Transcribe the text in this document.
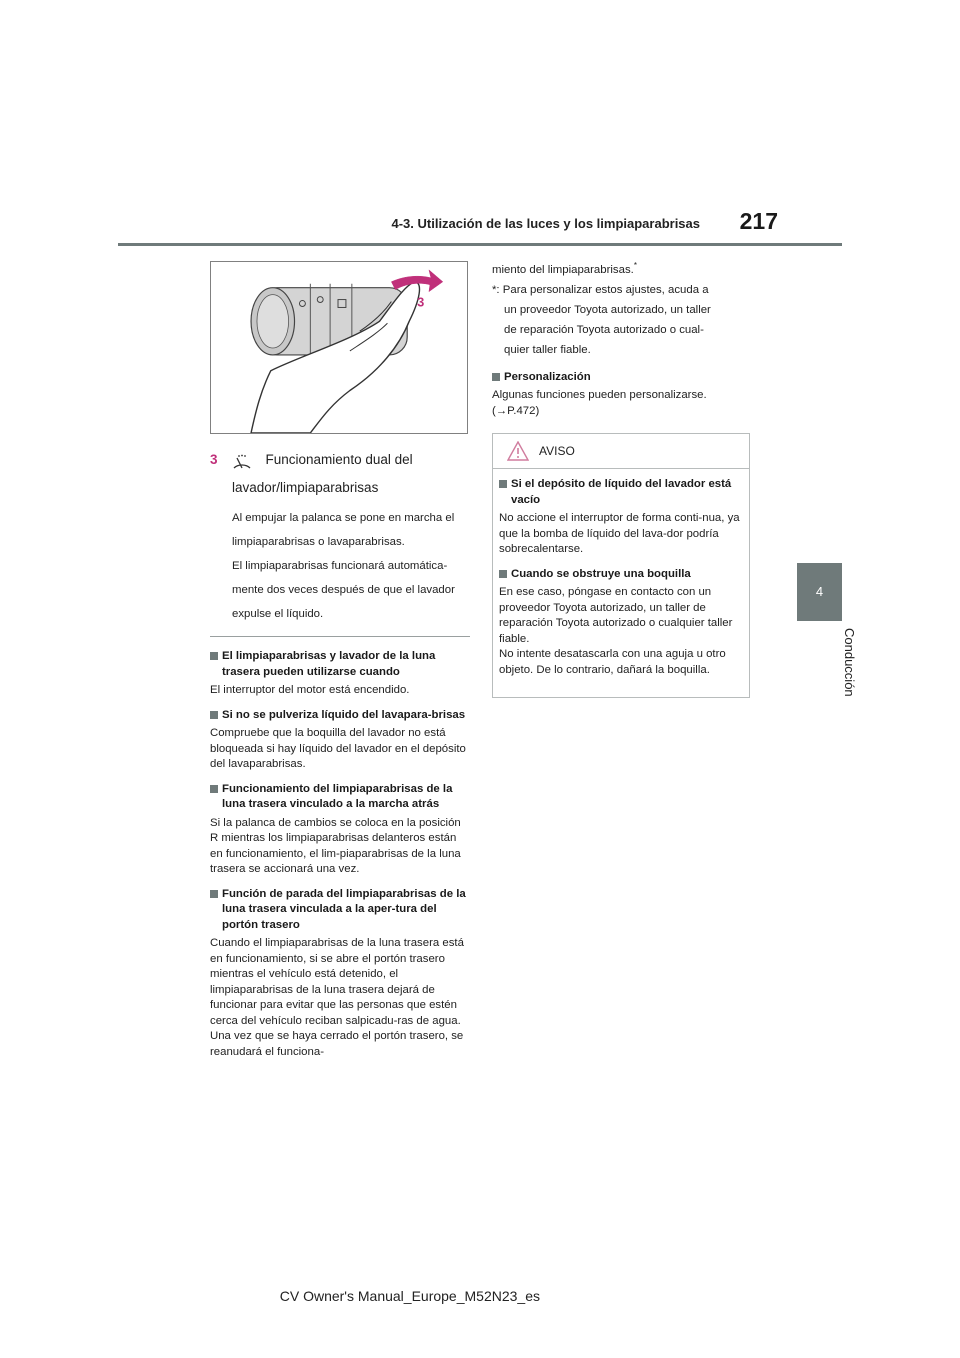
4-3. Utilización de las luces y los limpiaparabrisas	217
4
Conducción
3
3	Funcionamiento dual del
lavador/limpiaparabrisas

Al empujar la palanca se pone en marcha el

limpiaparabrisas o lavaparabrisas.

El limpiaparabrisas funcionará automática-

mente dos veces después de que el lavador

expulse el líquido.

El limpiaparabrisas y lavador de la luna trasera pueden utilizarse cuando

El interruptor del motor está encendido.

Si no se pulveriza líquido del lavapara-brisas

Compruebe que la boquilla del lavador no está bloqueada si hay líquido del lavador en el depósito del lavaparabrisas.

Funcionamiento del limpiaparabrisas de la luna trasera vinculado a la marcha atrás

Si la palanca de cambios se coloca en la posición R mientras los limpiaparabrisas delanteros están en funcionamiento, el lim-piaparabrisas de la luna trasera se accionará una vez.

Función de parada del limpiaparabrisas de la luna trasera vinculada a la aper-tura del portón trasero

Cuando el limpiaparabrisas de la luna trasera está en funcionamiento, si se abre el portón trasero mientras el vehículo está detenido, el limpiaparabrisas de la luna trasera dejará de funcionar para evitar que las personas que estén cerca del vehículo reciban salpicadu-ras de agua. Una vez que se haya cerrado el portón trasero, se reanudará el funciona-

miento del limpiaparabrisas.*
*: Para personalizar estos ajustes, acuda a
un proveedor Toyota autorizado, un taller
de reparación Toyota autorizado o cual-
quier taller fiable.
Personalización

Algunas funciones pueden personalizarse.

(→P.472)

AVISO
Si el depósito de líquido del lavador está vacío

No accione el interruptor de forma conti-nua, ya que la bomba de líquido del lava-dor podría sobrecalentarse.

Cuando se obstruye una boquilla

En ese caso, póngase en contacto con un proveedor Toyota autorizado, un taller de reparación Toyota autorizado o cualquier taller fiable.

No intente desatascarla con una aguja u otro objeto. De lo contrario, dañará la boquilla.

CV Owner's Manual_Europe_M52N23_es
